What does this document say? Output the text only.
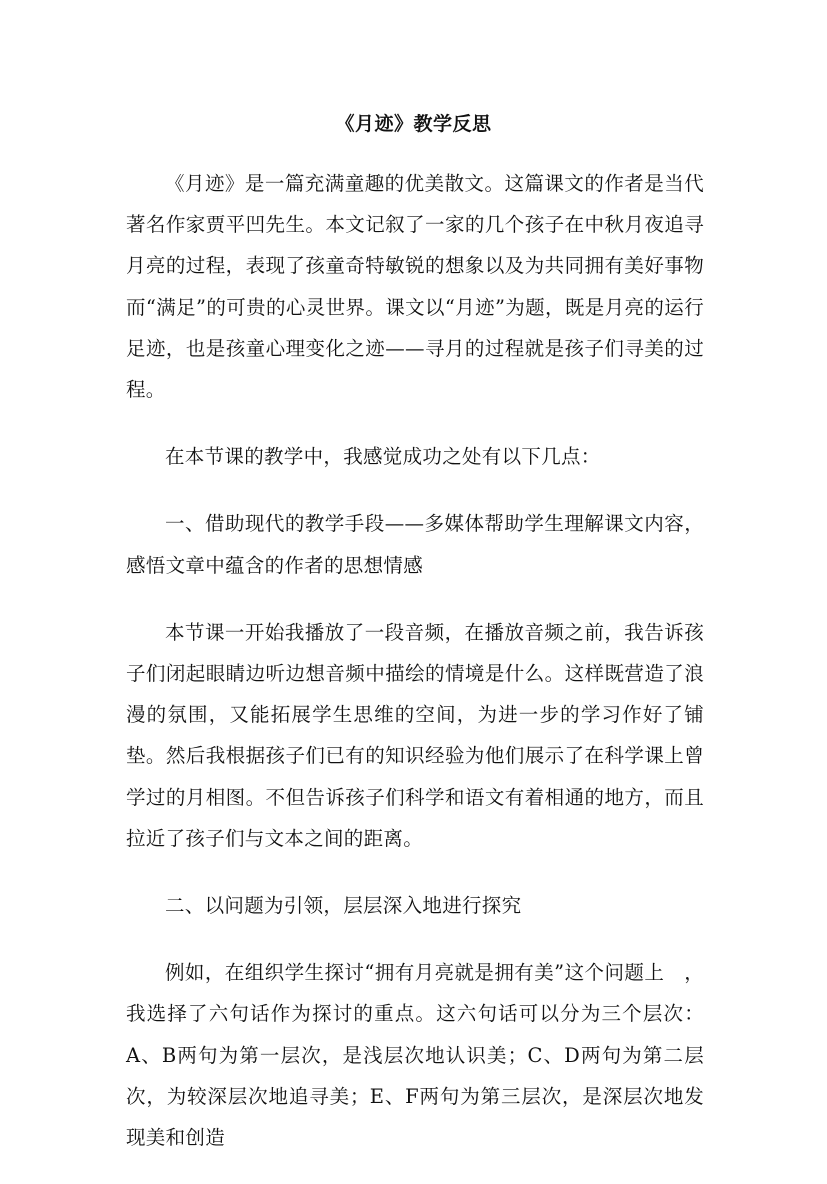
《月迹》教学反思

《月迹》是一篇充满童趣的优美散文。这篇课文的作者是当代著名作家贾平凹先生。本文记叙了一家的几个孩子在中秋月夜追寻月亮的过程，表现了孩童奇特敏锐的想象以及为共同拥有美好事物而“满足”的可贵的心灵世界。课文以“月迹”为题，既是月亮的运行足迹，也是孩童心理变化之迹——寻月的过程就是孩子们寻美的过程。

在本节课的教学中，我感觉成功之处有以下几点：

一、借助现代的教学手段——多媒体帮助学生理解课文内容，感悟文章中蕴含的作者的思想情感

本节课一开始我播放了一段音频，在播放音频之前，我告诉孩子们闭起眼睛边听边想音频中描绘的情境是什么。这样既营造了浪漫的氛围，又能拓展学生思维的空间，为进一步的学习作好了铺垫。然后我根据孩子们已有的知识经验为他们展示了在科学课上曾学过的月相图。不但告诉孩子们科学和语文有着相通的地方，而且拉近了孩子们与文本之间的距离。

二、以问题为引领，层层深入地进行探究

例如，在组织学生探讨“拥有月亮就是拥有美”这个问题上　，我选择了六句话作为探讨的重点。这六句话可以分为三个层次：A、B两句为第一层次，是浅层次地认识美；C、D两句为第二层次，为较深层次地追寻美；E、F两句为第三层次，是深层次地发现美和创造
